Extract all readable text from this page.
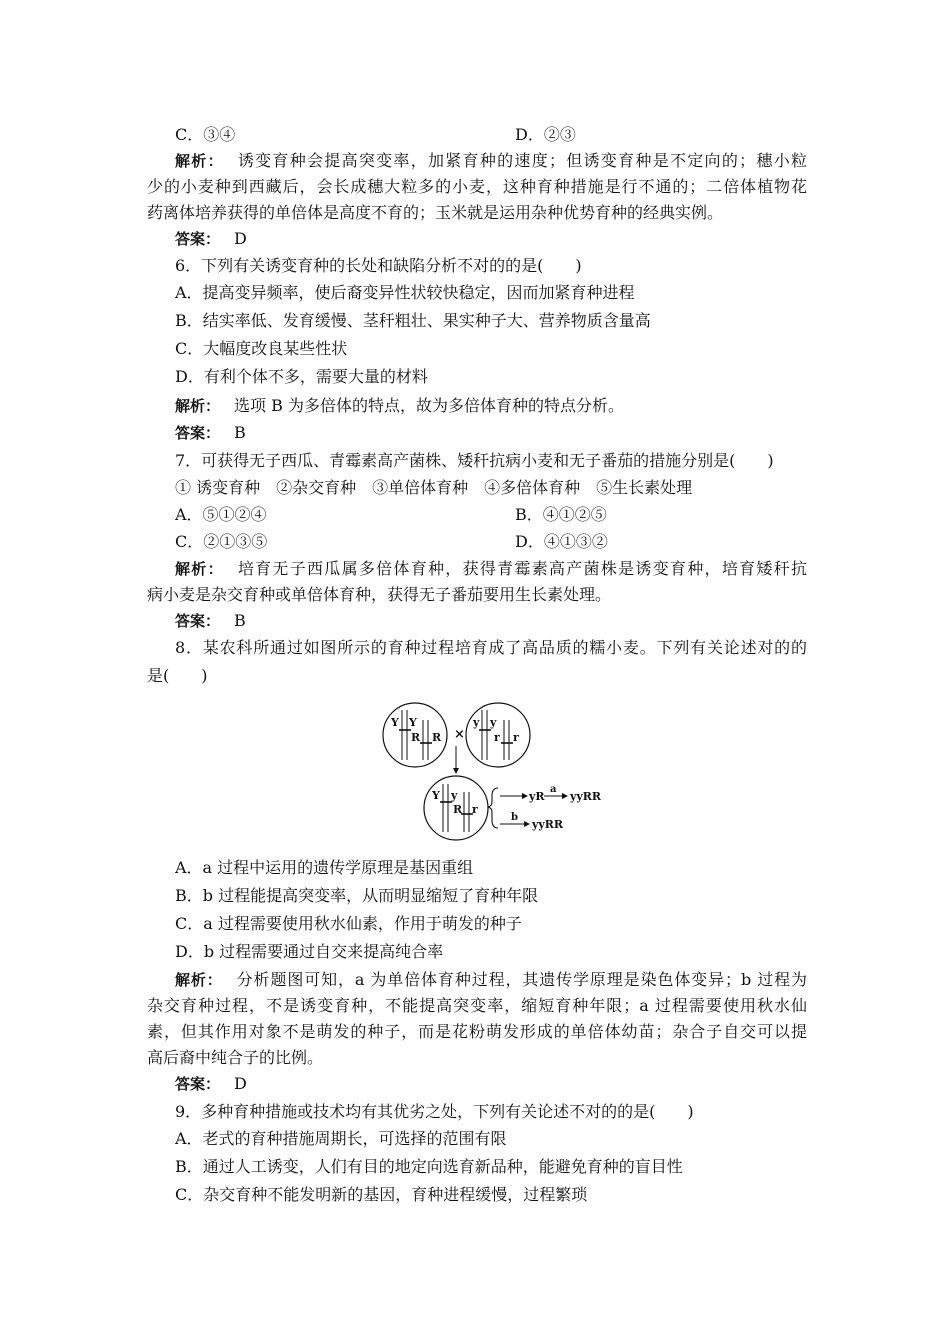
C．③④	D．②③
解析： 诱变育种会提高突变率，加紧育种的速度；但诱变育种是不定向的；穗小粒
少的小麦种到西藏后，会长成穗大粒多的小麦，这种育种措施是行不通的；二倍体植物花
药离体培养获得的单倍体是高度不育的；玉米就是运用杂种优势育种的经典实例。
答案： D
6．下列有关诱变育种的长处和缺陷分析不对的的是(　　)
A．提高变异频率，使后裔变异性状较快稳定，因而加紧育种进程
B．结实率低、发育缓慢、茎秆粗壮、果实种子大、营养物质含量高
C．大幅度改良某些性状
D．有利个体不多，需要大量的材料
解析： 选项 B 为多倍体的特点，故为多倍体育种的特点分析。
答案： B
7．可获得无子西瓜、青霉素高产菌株、矮秆抗病小麦和无子番茄的措施分别是(　　)
① 诱变育种　②杂交育种　③单倍体育种　④多倍体育种　⑤生长素处理
A．⑤①②④	B．④①②⑤
C．②①③⑤	D．④①③②
解析： 培育无子西瓜属多倍体育种，获得青霉素高产菌株是诱变育种，培育矮秆抗
病小麦是杂交育种或单倍体育种，获得无子番茄要用生长素处理。
答案： B
8．某农科所通过如图所示的育种过程培育成了高品质的糯小麦。下列有关论述对的的
是(　　)
Y Y
R R ×
y y
r r
Y y
R r
yR
a
yyRR
b
yyRR
A．a 过程中运用的遗传学原理是基因重组
B．b 过程能提高突变率，从而明显缩短了育种年限
C．a 过程需要使用秋水仙素，作用于萌发的种子
D．b 过程需要通过自交来提高纯合率
解析： 分析题图可知，a 为单倍体育种过程，其遗传学原理是染色体变异；b 过程为
杂交育种过程，不是诱变育种，不能提高突变率，缩短育种年限；a 过程需要使用秋水仙
素，但其作用对象不是萌发的种子，而是花粉萌发形成的单倍体幼苗；杂合子自交可以提
高后裔中纯合子的比例。
答案： D
9．多种育种措施或技术均有其优劣之处，下列有关论述不对的的是(　　)
A．老式的育种措施周期长，可选择的范围有限
B．通过人工诱变，人们有目的地定向选育新品种，能避免育种的盲目性
C．杂交育种不能发明新的基因，育种进程缓慢，过程繁琐
